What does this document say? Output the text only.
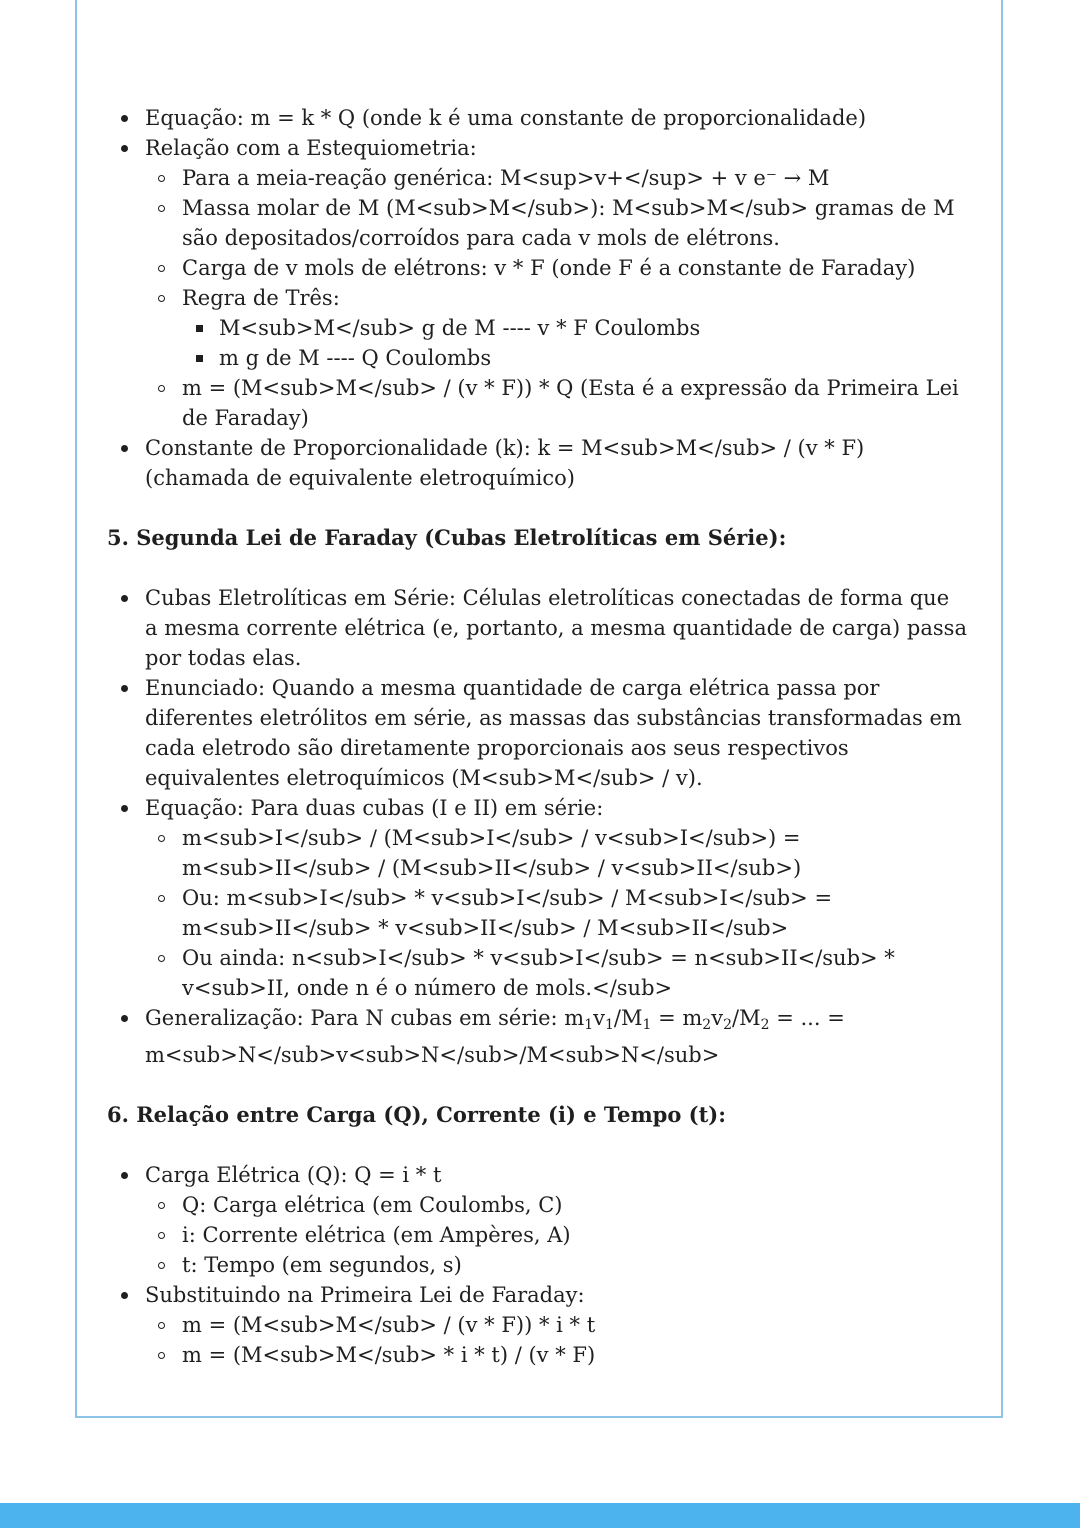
Equação: m = k * Q (onde k é uma constante de proporcionalidade)
Relação com a Estequiometria:
Para a meia-reação genérica: M<sup>v+</sup> + v e⁻ → M
Massa molar de M (M<sub>M</sub>): M<sub>M</sub> gramas de M são depositados/corroídos para cada v mols de elétrons.
Carga de v mols de elétrons: v * F (onde F é a constante de Faraday)
Regra de Três:
M<sub>M</sub> g de M ---- v * F Coulombs
m g de M ---- Q Coulombs
m = (M<sub>M</sub> / (v * F)) * Q (Esta é a expressão da Primeira Lei de Faraday)
Constante de Proporcionalidade (k): k = M<sub>M</sub> / (v * F) (chamada de equivalente eletroquímico)
5. Segunda Lei de Faraday (Cubas Eletrolíticas em Série):
Cubas Eletrolíticas em Série: Células eletrolíticas conectadas de forma que a mesma corrente elétrica (e, portanto, a mesma quantidade de carga) passa por todas elas.
Enunciado: Quando a mesma quantidade de carga elétrica passa por diferentes eletrólitos em série, as massas das substâncias transformadas em cada eletrodo são diretamente proporcionais aos seus respectivos equivalentes eletroquímicos (M<sub>M</sub> / v).
Equação: Para duas cubas (I e II) em série:
m<sub>I</sub> / (M<sub>I</sub> / v<sub>I</sub>) = m<sub>II</sub> / (M<sub>II</sub> / v<sub>II</sub>)
Ou: m<sub>I</sub> * v<sub>I</sub> / M<sub>I</sub> = m<sub>II</sub> * v<sub>II</sub> / M<sub>II</sub>
Ou ainda: n<sub>I</sub> * v<sub>I</sub> = n<sub>II</sub> * v<sub>II, onde n é o número de mols.</sub>
Generalização: Para N cubas em série: $m_1v_1/M_1 = m_2v_2/M_2$ = ... = m<sub>N</sub>v<sub>N</sub>/M<sub>N</sub>
6. Relação entre Carga (Q), Corrente (i) e Tempo (t):
Carga Elétrica (Q): Q = i * t
Q: Carga elétrica (em Coulombs, C)
i: Corrente elétrica (em Ampères, A)
t: Tempo (em segundos, s)
Substituindo na Primeira Lei de Faraday:
m = (M<sub>M</sub> / (v * F)) * i * t
m = (M<sub>M</sub> * i * t) / (v * F)
